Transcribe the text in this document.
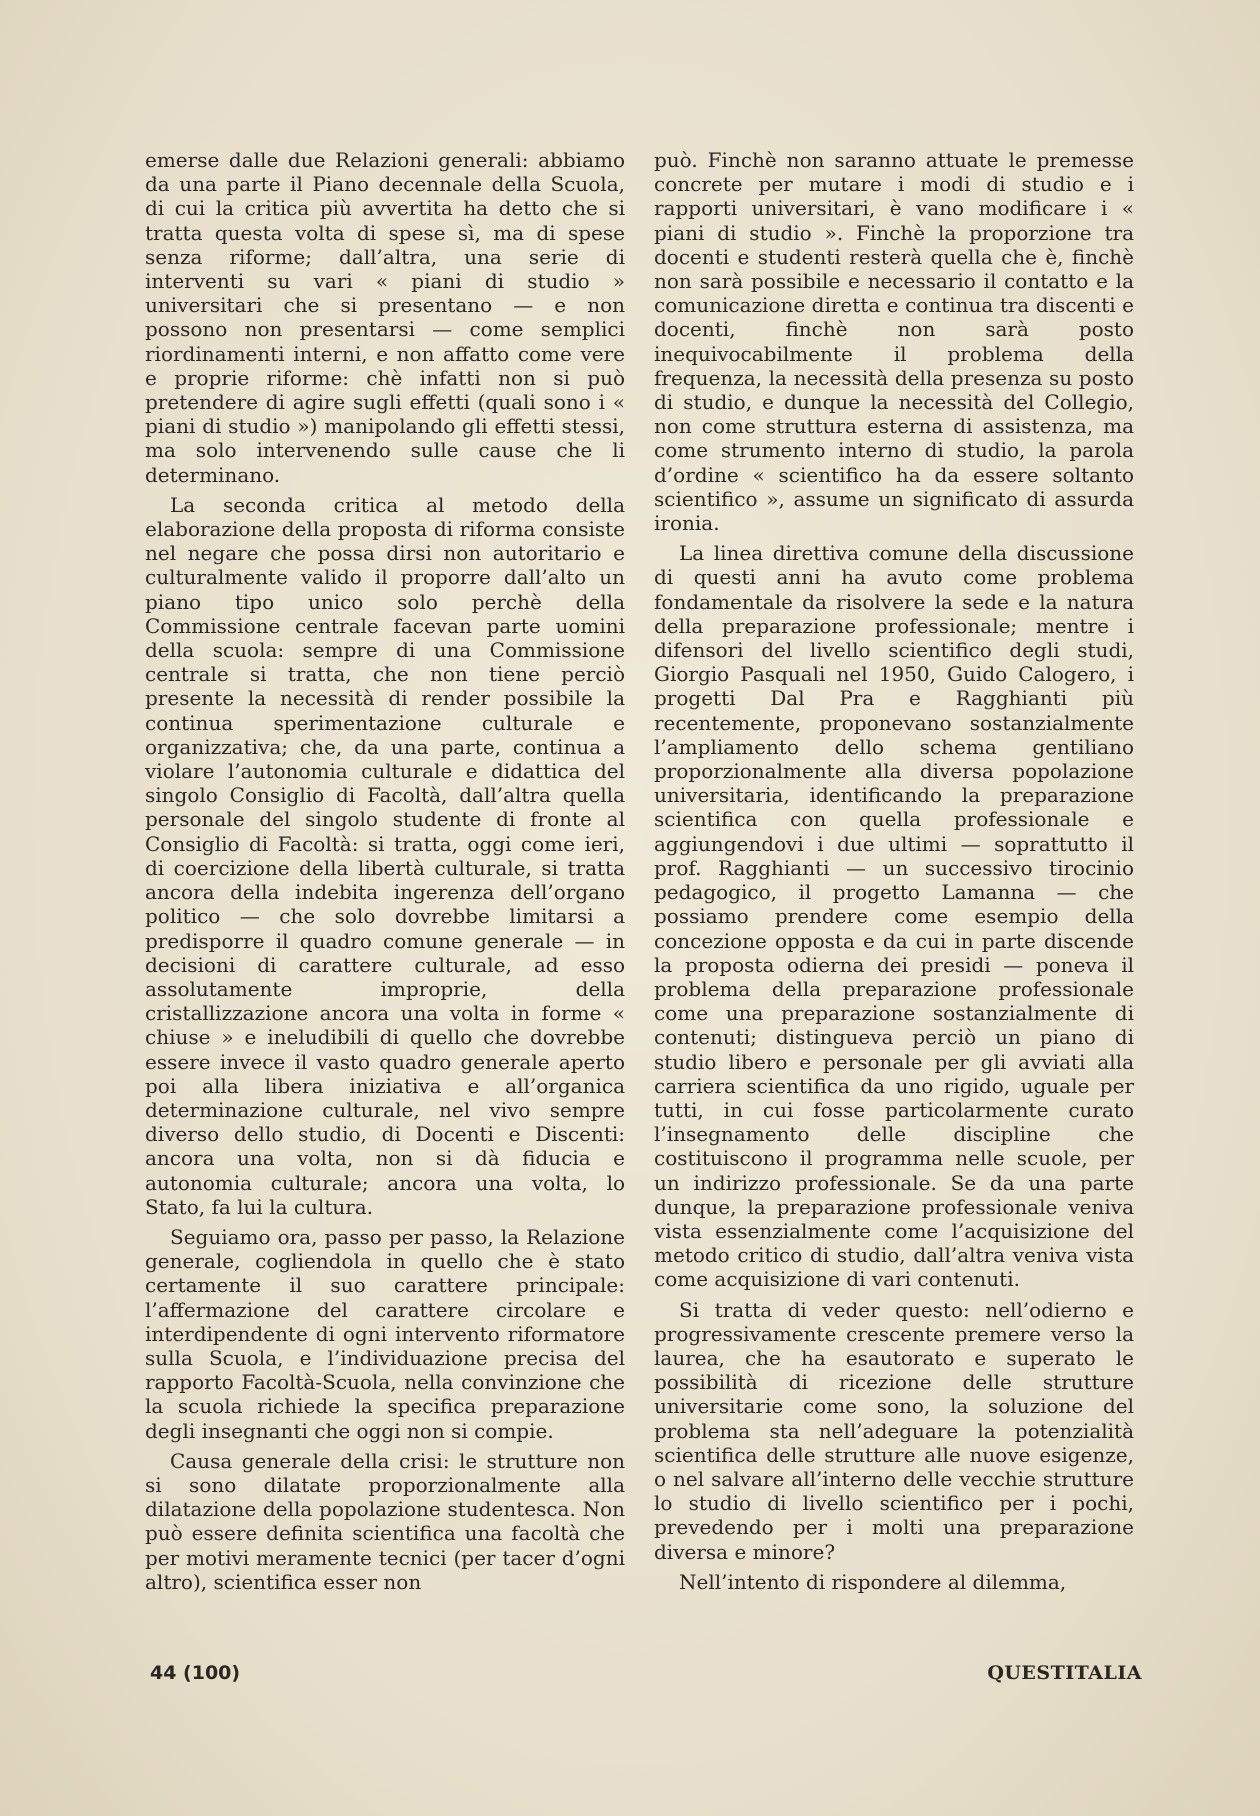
emerse dalle due Relazioni generali: abbiamo da una parte il Piano decennale della Scuola, di cui la critica più avvertita ha detto che si tratta questa volta di spese sì, ma di spese senza riforme; dall’altra, una serie di interventi su vari « piani di studio » universitari che si presentano — e non possono non presentarsi — come semplici riordinamenti interni, e non affatto come vere e proprie riforme: chè infatti non si può pretendere di agire sugli effetti (quali sono i « piani di studio ») manipolando gli effetti stessi, ma solo intervenendo sulle cause che li determinano.

La seconda critica al metodo della elaborazione della proposta di riforma consiste nel negare che possa dirsi non autoritario e culturalmente valido il proporre dall’alto un piano tipo unico solo perchè della Commissione centrale facevan parte uomini della scuola: sempre di una Commissione centrale si tratta, che non tiene perciò presente la necessità di render possibile la continua sperimentazione culturale e organizzativa; che, da una parte, continua a violare l’autonomia culturale e didattica del singolo Consiglio di Facoltà, dall’altra quella personale del singolo studente di fronte al Consiglio di Facoltà: si tratta, oggi come ieri, di coercizione della libertà culturale, si tratta ancora della indebita ingerenza dell’organo politico — che solo dovrebbe limitarsi a predisporre il quadro comune generale — in decisioni di carattere culturale, ad esso assolutamente improprie, della cristallizzazione ancora una volta in forme « chiuse » e ineludibili di quello che dovrebbe essere invece il vasto quadro generale aperto poi alla libera iniziativa e all’organica determinazione culturale, nel vivo sempre diverso dello studio, di Docenti e Discenti: ancora una volta, non si dà fiducia e autonomia culturale; ancora una volta, lo Stato, fa lui la cultura.

Seguiamo ora, passo per passo, la Relazione generale, cogliendola in quello che è stato certamente il suo carattere principale: l’affermazione del carattere circolare e interdipendente di ogni intervento riformatore sulla Scuola, e l’individuazione precisa del rapporto Facoltà-Scuola, nella convinzione che la scuola richiede la specifica preparazione degli insegnanti che oggi non si compie.

Causa generale della crisi: le strutture non si sono dilatate proporzionalmente alla dilatazione della popolazione studentesca. Non può essere definita scientifica una facoltà che per motivi meramente tecnici (per tacer d’ogni altro), scientifica esser non

può. Finchè non saranno attuate le premesse concrete per mutare i modi di studio e i rapporti universitari, è vano modificare i « piani di studio ». Finchè la proporzione tra docenti e studenti resterà quella che è, finchè non sarà possibile e necessario il contatto e la comunicazione diretta e continua tra discenti e docenti, finchè non sarà posto inequivocabilmente il problema della frequenza, la necessità della presenza su posto di studio, e dunque la necessità del Collegio, non come struttura esterna di assistenza, ma come strumento interno di studio, la parola d’ordine « scientifico ha da essere soltanto scientifico », assume un significato di assurda ironia.

La linea direttiva comune della discussione di questi anni ha avuto come problema fondamentale da risolvere la sede e la natura della preparazione professionale; mentre i difensori del livello scientifico degli studi, Giorgio Pasquali nel 1950, Guido Calogero, i progetti Dal Pra e Ragghianti più recentemente, proponevano sostanzialmente l’ampliamento dello schema gentiliano proporzionalmente alla diversa popolazione universitaria, identificando la preparazione scientifica con quella professionale e aggiungendovi i due ultimi — soprattutto il prof. Ragghianti — un successivo tirocinio pedagogico, il progetto Lamanna — che possiamo prendere come esempio della concezione opposta e da cui in parte discende la proposta odierna dei presidi — poneva il problema della preparazione professionale come una preparazione sostanzialmente di contenuti; distingueva perciò un piano di studio libero e personale per gli avviati alla carriera scientifica da uno rigido, uguale per tutti, in cui fosse particolarmente curato l’insegnamento delle discipline che costituiscono il programma nelle scuole, per un indirizzo professionale. Se da una parte dunque, la preparazione professionale veniva vista essenzialmente come l’acquisizione del metodo critico di studio, dall’altra veniva vista come acquisizione di vari contenuti.

Si tratta di veder questo: nell’odierno e progressivamente crescente premere verso la laurea, che ha esautorato e superato le possibilità di ricezione delle strutture universitarie come sono, la soluzione del problema sta nell’adeguare la potenzialità scientifica delle strutture alle nuove esigenze, o nel salvare all’interno delle vecchie strutture lo studio di livello scientifico per i pochi, prevedendo per i molti una preparazione diversa e minore?

Nell’intento di rispondere al dilemma,

44 (100)	QUESTITALIA
